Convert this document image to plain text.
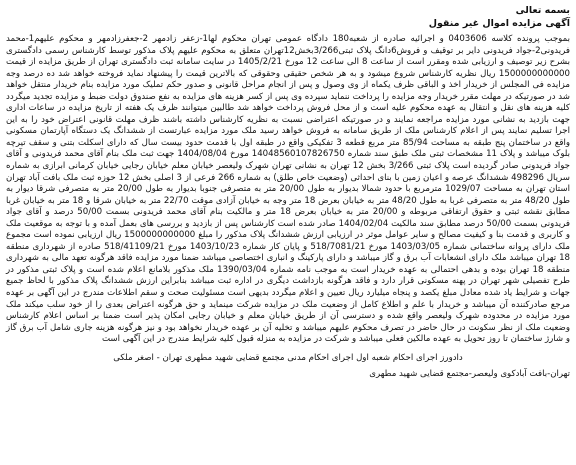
بسمه تعالی

آگهی مزایده اموال غیر منقول

بموجب پرونده کلاسه 0403606 و اجرائیه صادره از شعبه180 دادگاه عمومی تهران محکوم لها1-زعفر زادمهر 2-جعفرزادمهر و محکوم علیهم1-محمد فریدونی2-جواد فریدونی دایر بر توقیف و فروش6دانگ پلاک ثبتی3/266بخش12تهران متعلق به محکوم علیهم پلاک مذکور توسط کارشناس رسمی دادگستری بشرح زیر توصیف و ارزیابی شده ومقرر است از ساعت 8 الی ساعت 12 مورخ 1405/2/21 در سایت سامانه ثبت دادگستری تهران از طریق مزایده از قیمت 1500000000000 ریال نظریه کارشناس شروع میشود و به هر شخص حقیقی وحقوقی که بالاترین قیمت را پیشنهاد نماید فروخته خواهد شد ده درصد وجه مزایده فی المجلس از خریدار اخذ و الباقی ظرف یکماه از وی وصول و پس از انجام مراحل قانونی و صدور حکم تملیک مورد مزایده بنام خریدار منتقل خواهد شد در صورتیکه در مهلت مقرر خریدار وجه مزایده را پرداخت ننماید سپرده وی پس از کسر هزینه های مزایده به نفع صندوق دولت ضبط و مزایده تجدید میگردد کلیه هزینه های نقل و انتقال به عهده محکوم علیه است و از محل فروش پرداخت خواهد شد طالبین میتوانند ظرف یک هفته از تاریخ مزایده در ساعات اداری جهت بازدید به نشانی مورد مزایده مراجعه نمایند و در صورتیکه اعتراضی نسبت به نظریه کارشناس داشته باشند ظرف مهلت قانونی اعتراض خود را به این اجرا تسلیم نمایند پس از اعلام کارشناس ملک از طریق سامانه به فروش خواهد رسید ملک مورد مزایده عبارتست از ششدانگ یک دستگاه آپارتمان مسکونی واقع در ساختمان پنج طبقه به مساحت 85/94 متر مربع قطعه 3 تفکیکی واقع در طبقه اول با قدمت حدود بیست سال که دارای اسکلت بتنی و سقف تیرچه بلوک میباشد و پلاک 11 مشخصات ثبتی ملک طبق سند شماره 14048560107826750 مورخ 1404/08/04 جهت ثبت ملک بنام آقای محمد فریدونی و آقای جواد فریدونی صادر گردیده است پلاک ثبتی 3/266 بخش 12 تهران به نشانی تهران شهرک ولیعصر خیابان معلم خیابان رجایی خیابان کرمانی ابرازی به شماره سریال 498296 ششدانگ عرصه و اعیان زمین با بنای احداثی (وضعیت خاص طلق) به شماره 266 فرعی از 3 اصلی بخش 12 حوزه ثبت ملک بافت آباد تهران استان تهران به مساحت 1029/07 مترمربع با حدود شمالا بدیوار به طول 20/00 متر به متصرفی جنوبا بدیوار به طول 20/00 متر به متصرفی شرقا دیوار به طول 48/20 متر به متصرفی غربا به طول 48/20 متر به خیابان بعرض 18 متر وجه به خیابان آزادی موقت 22/70 متر به خیابان شرقا و 18 متر به خیابان غربا مطابق نقشه ثبتی و حقوق ارتفاقی مربوطه و 20/00 متر به خیابان بعرض 18 متر و مالکیت بنام آقای محمد فریدونی بسمت 50/00 درصد و آقای جواد فریدونی بسمت 50/00 درصد مطابق سند مالکیت 1404/02/04 صادر شده است کارشناس پس از بازدید و بررسی های بعمل آمده و با توجه به موقعیت ملک و کاربری و قدمت بنا و کیفیت مصالح و سایر عوامل موثر در ارزیابی ارزش ششدانگ پلاک مذکور را مبلغ 1500000000000 ریال ارزیابی نموده است مجموع ملک دارای پروانه ساختمانی شماره 1403/03/05 مورخ 518/7081/21 و پایان کار شماره 1403/10/23 مورخ 518/41109/21 صادره از شهرداری منطقه 18 تهران میباشد ملک دارای انشعابات آب برق و گاز میباشد و دارای پارکینگ و انباری اختصاصی میباشد ضمنا مورد مزایده فاقد هرگونه تعهد مالی به شهرداری منطقه 18 تهران بوده و بدهی احتمالی به عهده خریدار است به موجب نامه شماره 1390/03/04 ملک مذکور بلامانع اعلام شده است و پلاک ثبتی مذکور در طرح تفصیلی شهر تهران در پهنه مسکونی قرار دارد و فاقد هرگونه بازداشت دیگری در اداره ثبت میباشد بنابراین ارزش ششدانگ پلاک مذکور با لحاظ جمیع جهات و شرایط یاد شده معادل مبلغ یکصد و پنجاه میلیارد ریال تعیین و اعلام میگردد بدیهی است مسئولیت صحت و سقم اطلاعات مندرج در این آگهی بر عهده مرجع صادرکننده آن میباشد و خریدار با علم و اطلاع کامل از وضعیت ملک در مزایده شرکت مینماید و حق هرگونه اعتراض بعدی را از خود سلب میکند ملک مورد مزایده در محدوده شهرک ولیعصر واقع شده و دسترسی آن از طریق خیابان معلم و خیابان رجایی امکان پذیر است ضمنا بر اساس اعلام کارشناس وضعیت ملک از نظر سکونت در حال حاضر در تصرف محکوم علیهم میباشد و تخلیه آن بر عهده خریدار نخواهد بود و نیز هرگونه هزینه جاری شامل آب برق گاز و شارژ ساختمان تا روز تحویل به عهده مالکین فعلی میباشد و شرکت در مزایده به منزله قبول کلیه شرایط مندرج در این آگهی است

دادورز اجرای احکام شعبه اول اجرای احکام مدنی مجتمع قضایی شهید مطهری تهران - اصغر ملکی

تهران-بافت آبادکوی ولیعصر-مجتمع قضایی شهید مطهری
